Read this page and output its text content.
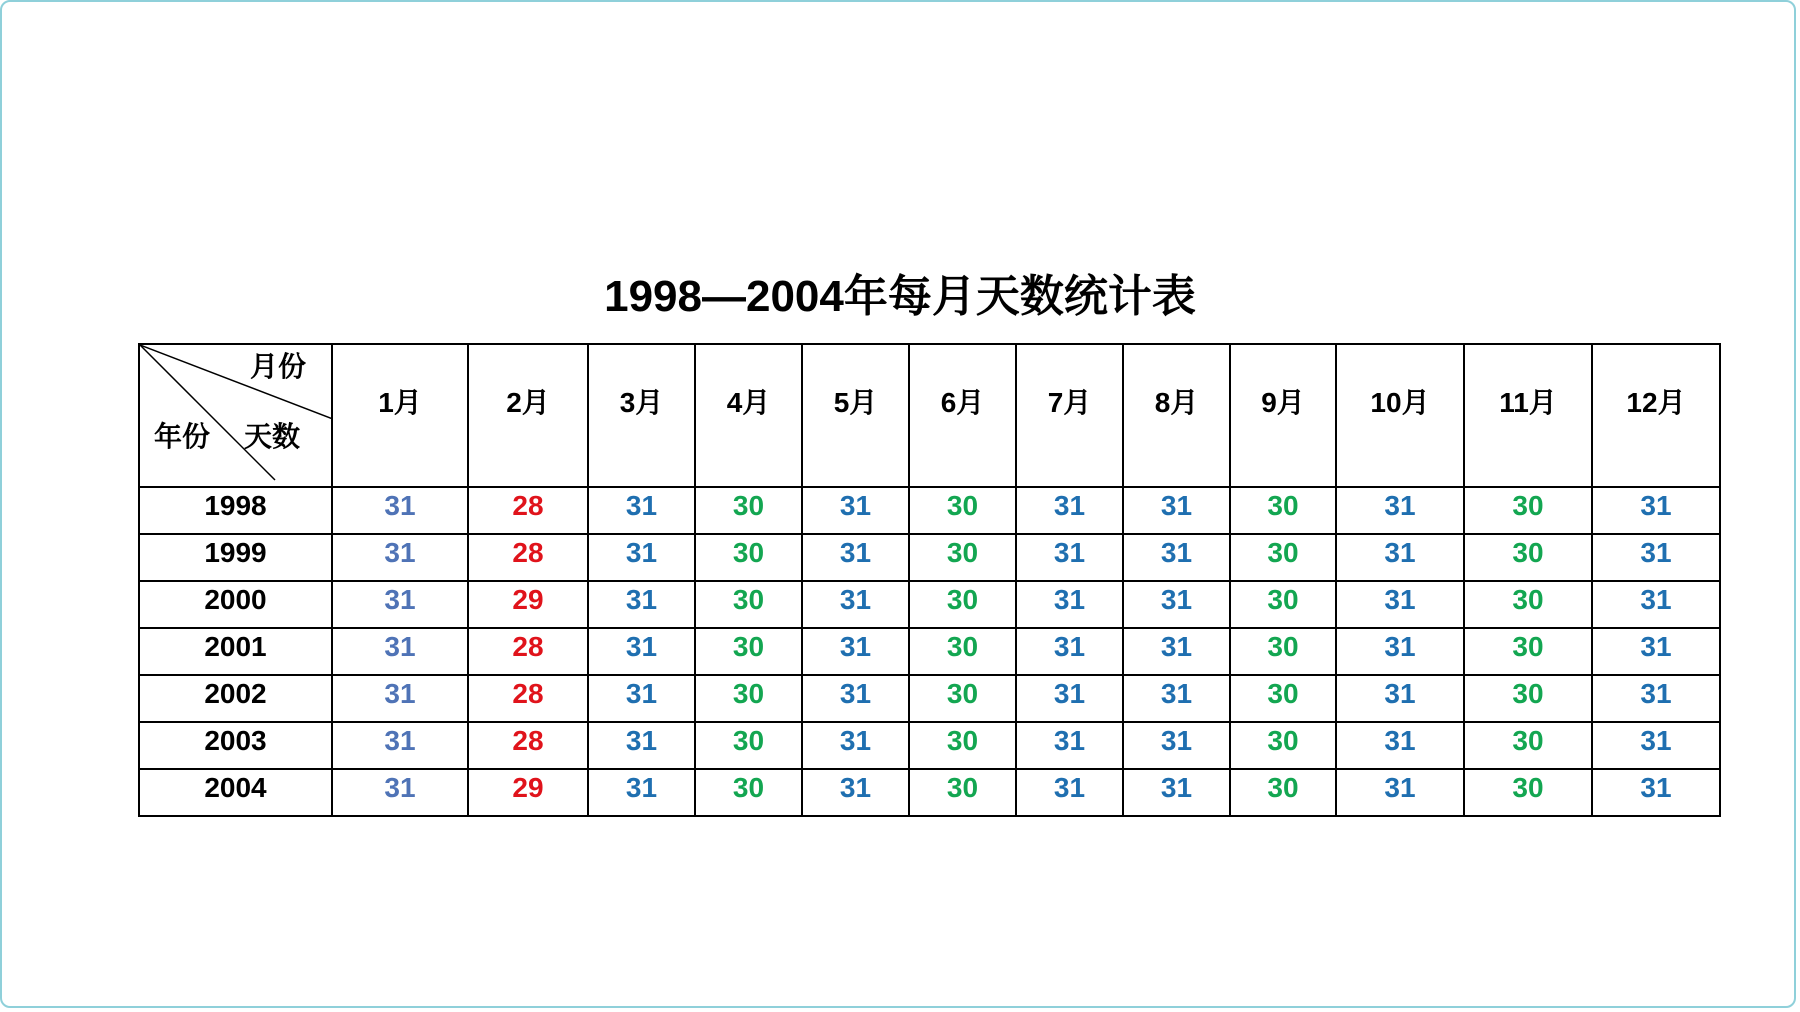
1998—2004年每月天数统计表
月份
年份 天数	1月	2月	3月	4月	5月	6月	7月	8月	9月	10月	11月	12月

1998	31	28	31	30	31	30	31	31	30	31	30	31
1999	31	28	31	30	31	30	31	31	30	31	30	31
2000	31	29	31	30	31	30	31	31	30	31	30	31
2001	31	28	31	30	31	30	31	31	30	31	30	31
2002	31	28	31	30	31	30	31	31	30	31	30	31
2003	31	28	31	30	31	30	31	31	30	31	30	31
2004	31	29	31	30	31	30	31	31	30	31	30	31
